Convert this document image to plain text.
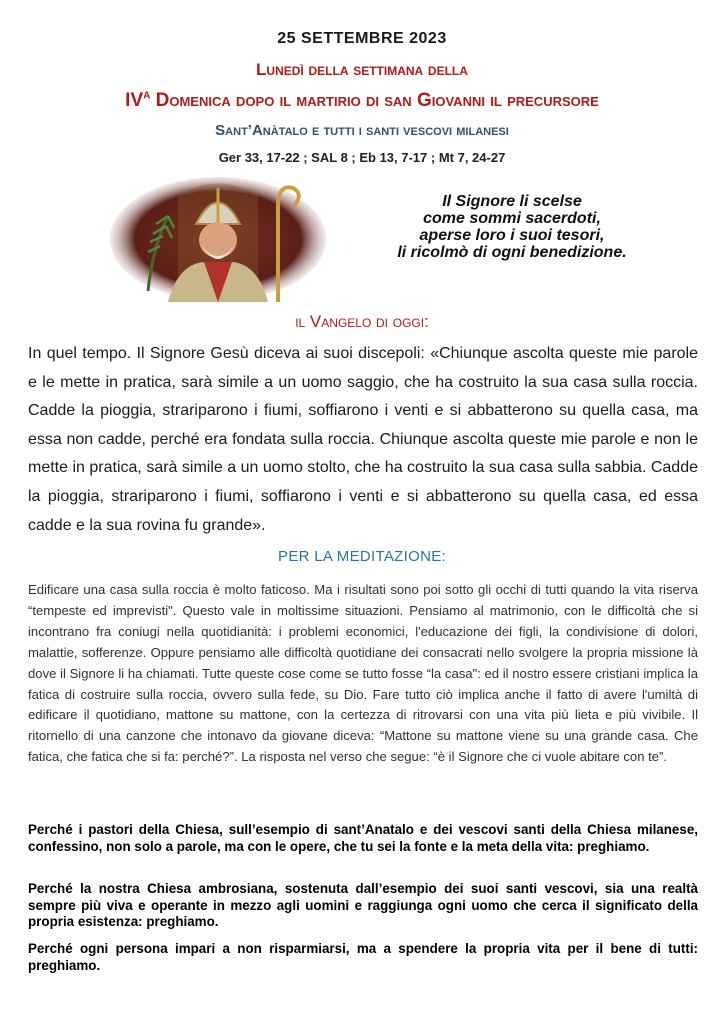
25 SETTEMBRE 2023
Lunedì della settimana della
$IV^A$ Domenica dopo il martirio di san Giovanni il precursore
Sant’Anàtalo e tutti i santi vescovi milanesi
Ger 33, 17-22 ; SAL 8 ; Eb 13, 7-17 ; Mt 7, 24-27
Il Signore li scelse
come sommi sacerdoti,
aperse loro i suoi tesori,
li ricolmò di ogni benedizione.
il Vangelo di oggi:
In quel tempo. Il Signore Gesù diceva ai suoi discepoli: «Chiunque ascolta queste mie parole e le mette in pratica, sarà simile a un uomo saggio, che ha costruito la sua casa sulla roccia. Cadde la pioggia, strariparono i fiumi, soffiarono i venti e si abbatterono su quella casa, ma essa non cadde, perché era fondata sulla roccia. Chiunque ascolta queste mie parole e non le mette in pratica, sarà simile a un uomo stolto, che ha costruito la sua casa sulla sabbia. Cadde la pioggia, strariparono i fiumi, soffiarono i venti e si abbatterono su quella casa, ed essa cadde e la sua rovina fu grande».
PER LA MEDITAZIONE:
Edificare una casa sulla roccia è molto faticoso. Ma i risultati sono poi sotto gli occhi di tutti quando la vita riserva “tempeste ed imprevisti". Questo vale in moltissime situazioni. Pensiamo al matrimonio, con le difficoltà che si incontrano fra coniugi nella quotidianità: i problemi economici, l'educazione dei figli, la condivisione di dolori, malattie, sofferenze. Oppure pensiamo alle difficoltà quotidiane dei consacrati nello svolgere la propria missione là dove il Signore li ha chiamati. Tutte queste cose come se tutto fosse “la casa": ed il nostro essere cristiani implica la fatica di costruire sulla roccia, ovvero sulla fede, su Dio. Fare tutto ciò implica anche il fatto di avere l'umiltà di edificare il quotidiano, mattone su mattone, con la certezza di ritrovarsi con una vita più lieta e più vivibile. Il ritornello di una canzone che intonavo da giovane diceva: “Mattone su mattone viene su una grande casa. Che fatica, che fatica che si fa: perché?”. La risposta nel verso che segue: “è il Signore che ci vuole abitare con te”.
Perché i pastori della Chiesa, sull’esempio di sant’Anatalo e dei vescovi santi della Chiesa milanese, confessino, non solo a parole, ma con le opere, che tu sei la fonte e la meta della vita: preghiamo.
Perché la nostra Chiesa ambrosiana, sostenuta dall’esempio dei suoi santi vescovi, sia una realtà sempre più viva e operante in mezzo agli uomini e raggiunga ogni uomo che cerca il significato della propria esistenza: preghiamo.
Perché ogni persona impari a non risparmiarsi, ma a spendere la propria vita per il bene di tutti: preghiamo.
